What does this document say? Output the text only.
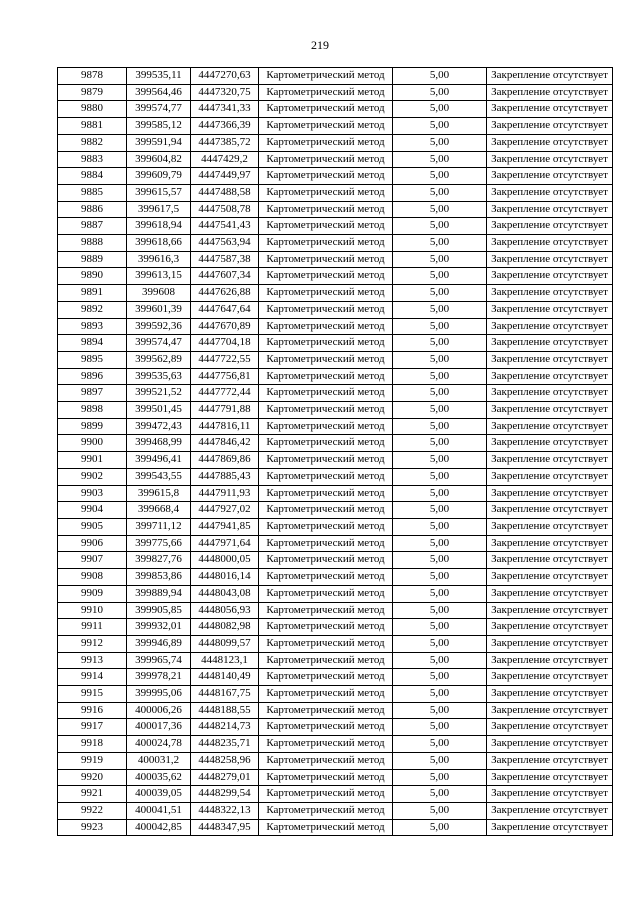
219
9878	399535,11	4447270,63	Картометрический метод	5,00	Закрепление отсутствует
9879	399564,46	4447320,75	Картометрический метод	5,00	Закрепление отсутствует
9880	399574,77	4447341,33	Картометрический метод	5,00	Закрепление отсутствует
9881	399585,12	4447366,39	Картометрический метод	5,00	Закрепление отсутствует
9882	399591,94	4447385,72	Картометрический метод	5,00	Закрепление отсутствует
9883	399604,82	4447429,2	Картометрический метод	5,00	Закрепление отсутствует
9884	399609,79	4447449,97	Картометрический метод	5,00	Закрепление отсутствует
9885	399615,57	4447488,58	Картометрический метод	5,00	Закрепление отсутствует
9886	399617,5	4447508,78	Картометрический метод	5,00	Закрепление отсутствует
9887	399618,94	4447541,43	Картометрический метод	5,00	Закрепление отсутствует
9888	399618,66	4447563,94	Картометрический метод	5,00	Закрепление отсутствует
9889	399616,3	4447587,38	Картометрический метод	5,00	Закрепление отсутствует
9890	399613,15	4447607,34	Картометрический метод	5,00	Закрепление отсутствует
9891	399608	4447626,88	Картометрический метод	5,00	Закрепление отсутствует
9892	399601,39	4447647,64	Картометрический метод	5,00	Закрепление отсутствует
9893	399592,36	4447670,89	Картометрический метод	5,00	Закрепление отсутствует
9894	399574,47	4447704,18	Картометрический метод	5,00	Закрепление отсутствует
9895	399562,89	4447722,55	Картометрический метод	5,00	Закрепление отсутствует
9896	399535,63	4447756,81	Картометрический метод	5,00	Закрепление отсутствует
9897	399521,52	4447772,44	Картометрический метод	5,00	Закрепление отсутствует
9898	399501,45	4447791,88	Картометрический метод	5,00	Закрепление отсутствует
9899	399472,43	4447816,11	Картометрический метод	5,00	Закрепление отсутствует
9900	399468,99	4447846,42	Картометрический метод	5,00	Закрепление отсутствует
9901	399496,41	4447869,86	Картометрический метод	5,00	Закрепление отсутствует
9902	399543,55	4447885,43	Картометрический метод	5,00	Закрепление отсутствует
9903	399615,8	4447911,93	Картометрический метод	5,00	Закрепление отсутствует
9904	399668,4	4447927,02	Картометрический метод	5,00	Закрепление отсутствует
9905	399711,12	4447941,85	Картометрический метод	5,00	Закрепление отсутствует
9906	399775,66	4447971,64	Картометрический метод	5,00	Закрепление отсутствует
9907	399827,76	4448000,05	Картометрический метод	5,00	Закрепление отсутствует
9908	399853,86	4448016,14	Картометрический метод	5,00	Закрепление отсутствует
9909	399889,94	4448043,08	Картометрический метод	5,00	Закрепление отсутствует
9910	399905,85	4448056,93	Картометрический метод	5,00	Закрепление отсутствует
9911	399932,01	4448082,98	Картометрический метод	5,00	Закрепление отсутствует
9912	399946,89	4448099,57	Картометрический метод	5,00	Закрепление отсутствует
9913	399965,74	4448123,1	Картометрический метод	5,00	Закрепление отсутствует
9914	399978,21	4448140,49	Картометрический метод	5,00	Закрепление отсутствует
9915	399995,06	4448167,75	Картометрический метод	5,00	Закрепление отсутствует
9916	400006,26	4448188,55	Картометрический метод	5,00	Закрепление отсутствует
9917	400017,36	4448214,73	Картометрический метод	5,00	Закрепление отсутствует
9918	400024,78	4448235,71	Картометрический метод	5,00	Закрепление отсутствует
9919	400031,2	4448258,96	Картометрический метод	5,00	Закрепление отсутствует
9920	400035,62	4448279,01	Картометрический метод	5,00	Закрепление отсутствует
9921	400039,05	4448299,54	Картометрический метод	5,00	Закрепление отсутствует
9922	400041,51	4448322,13	Картометрический метод	5,00	Закрепление отсутствует
9923	400042,85	4448347,95	Картометрический метод	5,00	Закрепление отсутствует
